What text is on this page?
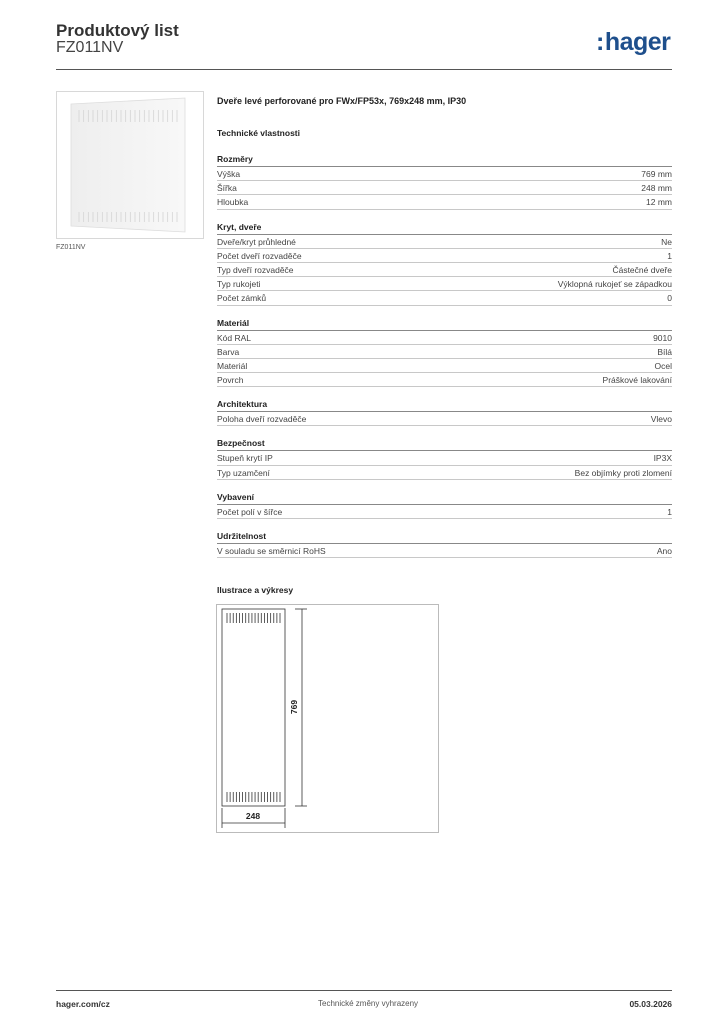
Produktový list
FZ011NV	:hager
FZ011NV
Dveře levé perforované pro FWx/FP53x, 769x248 mm, IP30
Technické vlastnosti
Rozměry
Výška	769 mm
Šířka	248 mm
Hloubka	12 mm
Kryt, dveře
Dveře/kryt průhledné	Ne
Počet dveří rozvaděče	1
Typ dveří rozvaděče	Částečné dveře
Typ rukojeti	Výklopná rukojeť se západkou
Počet zámků	0
Materiál
Kód RAL	9010
Barva	Bílá
Materiál	Ocel
Povrch	Práškové lakování
Architektura
Poloha dveří rozvaděče	Vlevo
Bezpečnost
Stupeň krytí IP	IP3X
Typ uzamčení	Bez objímky proti zlomení
Vybavení
Počet polí v šířce	1
Udržitelnost
V souladu se směrnicí RoHS	Ano
Ilustrace a výkresy
769
248
hager.com/cz	Technické změny vyhrazeny	05.03.2026
